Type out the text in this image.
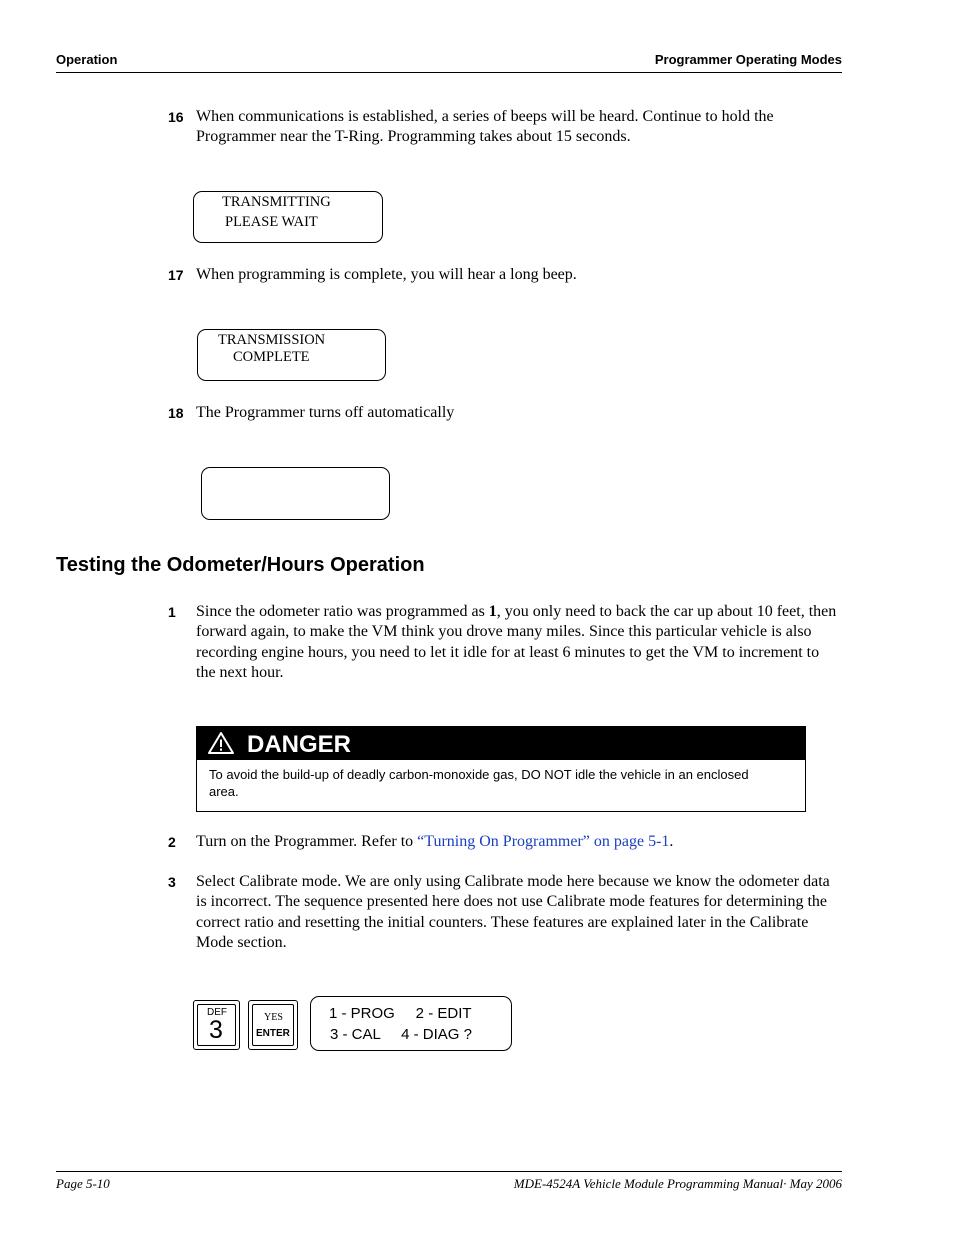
Operation	Programmer Operating Modes
16 When communications is established, a series of beeps will be heard. Continue to hold the Programmer near the T-Ring. Programming takes about 15 seconds.
TRANSMITTING
PLEASE WAIT
17 When programming is complete, you will hear a long beep.
TRANSMISSION
COMPLETE
18 The Programmer turns off automatically
Testing the Odometer/Hours Operation
1 Since the odometer ratio was programmed as 1, you only need to back the car up about 10 feet, then forward again, to make the VM think you drove many miles. Since this particular vehicle is also recording engine hours, you need to let it idle for at least 6 minutes to get the VM to increment to the next hour.
DANGER
To avoid the build-up of deadly carbon-monoxide gas, DO NOT idle the vehicle in an enclosed area.
2 Turn on the Programmer. Refer to “Turning On Programmer” on page 5-1.
3 Select Calibrate mode. We are only using Calibrate mode here because we know the odometer data is incorrect. The sequence presented here does not use Calibrate mode features for determining the correct ratio and resetting the initial counters. These features are explained later in the Calibrate Mode section.
DEF
3	YES
ENTER
1 - PROG     2 - EDIT
3 - CAL     4 - DIAG ?
Page 5-10	MDE-4524A Vehicle Module Programming Manual· May 2006
